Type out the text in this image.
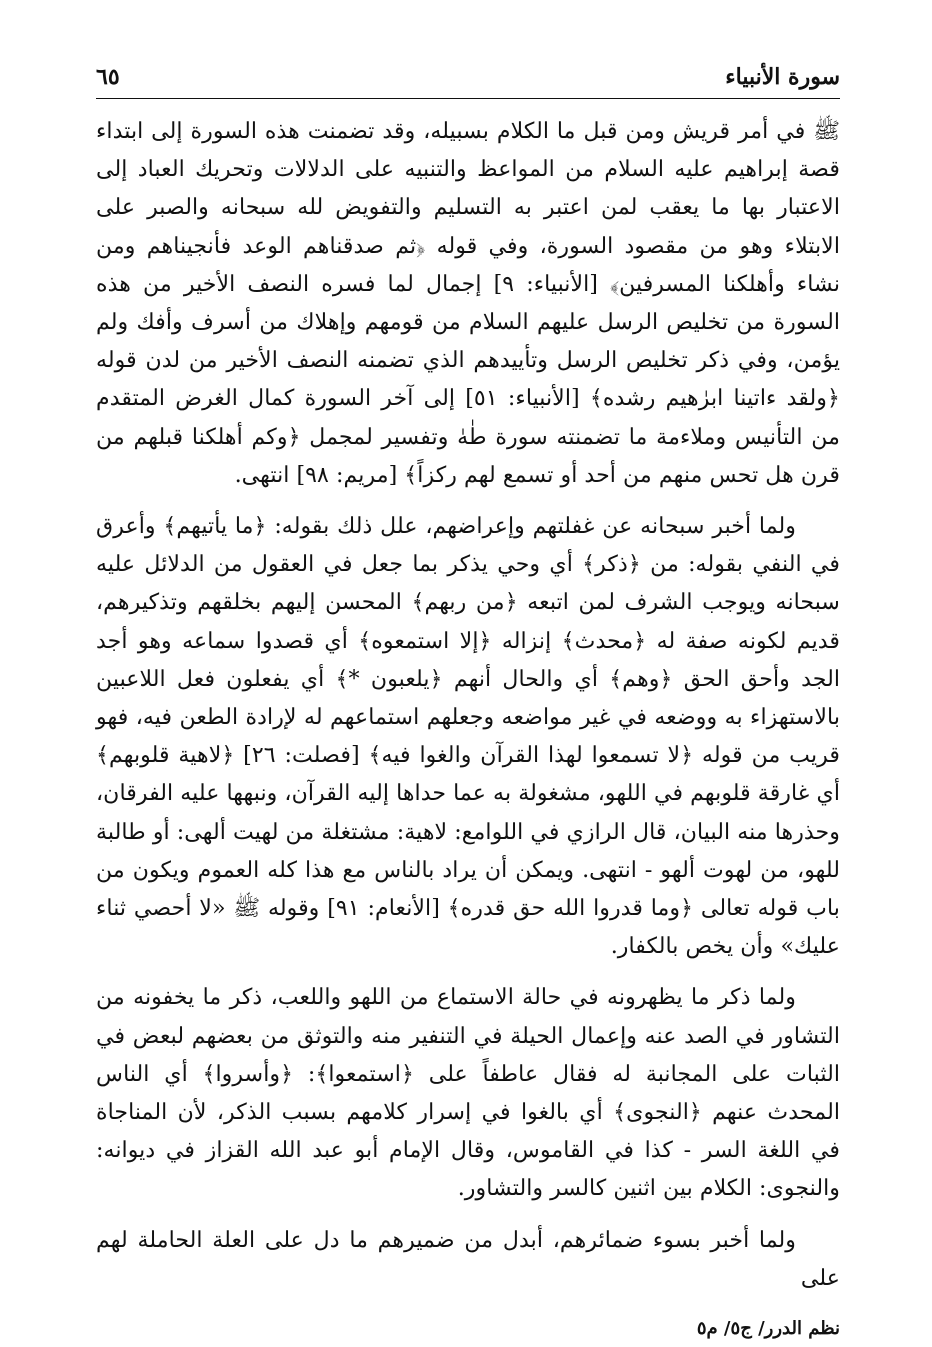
سورة الأنبياء
٦٥

ﷺ في أمر قريش ومن قبل ما الكلام بسبيله، وقد تضمنت هذه السورة إلى ابتداء قصة إبراهيم عليه السلام من المواعظ والتنبيه على الدلالات وتحريك العباد إلى الاعتبار بها ما يعقب لمن اعتبر به التسليم والتفويض لله سبحانه والصبر على الابتلاء وهو من مقصود السورة، وفي قوله ﴿ثم صدقناهم الوعد فأنجيناهم ومن نشاء وأهلكنا المسرفين﴾ [الأنبياء: ٩] إجمال لما فسره النصف الأخير من هذه السورة من تخليص الرسل عليهم السلام من قومهم وإهلاك من أسرف وأفك ولم يؤمن، وفي ذكر تخليص الرسل وتأييدهم الذي تضمنه النصف الأخير من لدن قوله ﴿ولقد ءاتينا ابرٰهيم رشده﴾ [الأنبياء: ٥١] إلى آخر السورة كمال الغرض المتقدم من التأنيس وملاءمة ما تضمنته سورة طٰهٰ وتفسير لمجمل ﴿وكم أهلكنا قبلهم من قرن هل تحس منهم من أحد أو تسمع لهم ركزاً﴾ [مريم: ٩٨] انتهى.

ولما أخبر سبحانه عن غفلتهم وإعراضهم، علل ذلك بقوله: ﴿ما يأتيهم﴾ وأعرق في النفي بقوله: من ﴿ذكر﴾ أي وحي يذكر بما جعل في العقول من الدلائل عليه سبحانه ويوجب الشرف لمن اتبعه ﴿من ربهم﴾ المحسن إليهم بخلقهم وتذكيرهم، قديم لكونه صفة له ﴿محدث﴾ إنزاله ﴿إلا استمعوه﴾ أي قصدوا سماعه وهو أجد الجد وأحق الحق ﴿وهم﴾ أي والحال أنهم ﴿يلعبون *﴾ أي يفعلون فعل اللاعبين بالاستهزاء به ووضعه في غير مواضعه وجعلهم استماعهم له لإرادة الطعن فيه، فهو قريب من قوله ﴿لا تسمعوا لهذا القرآن والغوا فيه﴾ [فصلت: ٢٦] ﴿لاهية قلوبهم﴾ أي غارقة قلوبهم في اللهو، مشغولة به عما حداها إليه القرآن، ونبهها عليه الفرقان، وحذرها منه البيان، قال الرازي في اللوامع: لاهية: مشتغلة من لهيت ألهى: أو طالبة للهو، من لهوت ألهو - انتهى. ويمكن أن يراد بالناس مع هذا كله العموم ويكون من باب قوله تعالى ﴿وما قدروا الله حق قدره﴾ [الأنعام: ٩١] وقوله ﷺ «لا أحصي ثناء عليك» وأن يخص بالكفار.

ولما ذكر ما يظهرونه في حالة الاستماع من اللهو واللعب، ذكر ما يخفونه من التشاور في الصد عنه وإعمال الحيلة في التنفير منه والتوثق من بعضهم لبعض في الثبات على المجانبة له فقال عاطفاً على ﴿استمعوا﴾: ﴿وأسروا﴾ أي الناس المحدث عنهم ﴿النجوى﴾ أي بالغوا في إسرار كلامهم بسبب الذكر، لأن المناجاة في اللغة السر - كذا في القاموس، وقال الإمام أبو عبد الله القزاز في ديوانه: والنجوى: الكلام بين اثنين كالسر والتشاور.

ولما أخبر بسوء ضمائرهم، أبدل من ضميرهم ما دل على العلة الحاملة لهم على

نظم الدرر/ ج٥/ م٥
